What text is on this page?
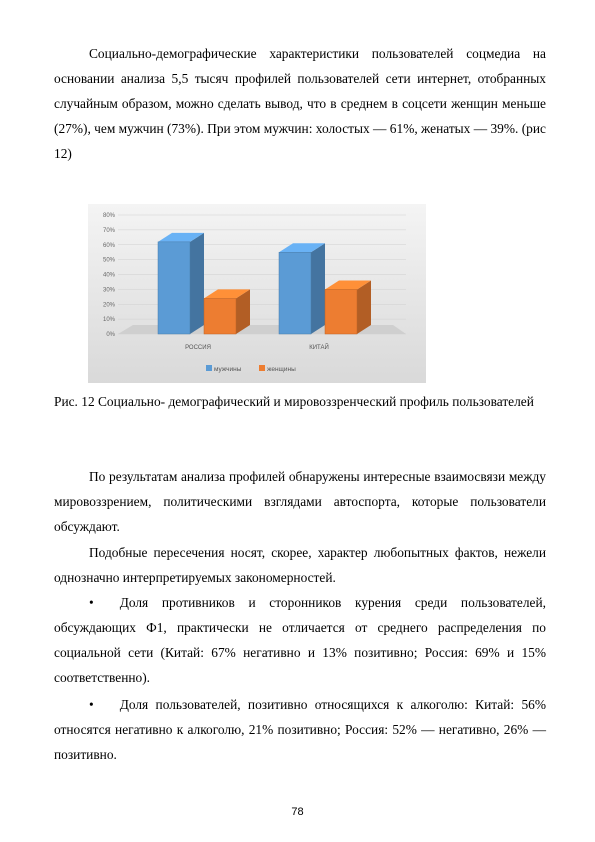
Социально-демографические характеристики пользователей соцмедиа на основании анализа 5,5 тысяч профилей пользователей сети интернет, отобранных случайным образом, можно сделать вывод, что в среднем в соцсети женщин меньше (27%), чем мужчин (73%). При этом мужчин: холостых — 61%, женатых — 39%. (рис 12)

0%
10%
20%
30%
40%
50%
60%
70%
80%
РОССИЯ	КИТАЙ
мужчины	женщины

Рис. 12 Социально- демографический и мировоззренческий профиль пользователей

По результатам анализа профилей обнаружены интересные взаимосвязи между мировоззрением, политическими взглядами автоспорта, которые пользователи обсуждают.

Подобные пересечения носят, скорее, характер любопытных фактов, нежели однозначно интерпретируемых закономерностей.

• Доля противников и сторонников курения среди пользователей, обсуждающих Ф1, практически не отличается от среднего распределения по социальной сети (Китай: 67% негативно и 13% позитивно; Россия: 69% и 15% соответственно).

• Доля пользователей, позитивно относящихся к алкоголю: Китай: 56% относятся негативно к алкоголю, 21% позитивно; Россия: 52% — негативно, 26% — позитивно.

78
